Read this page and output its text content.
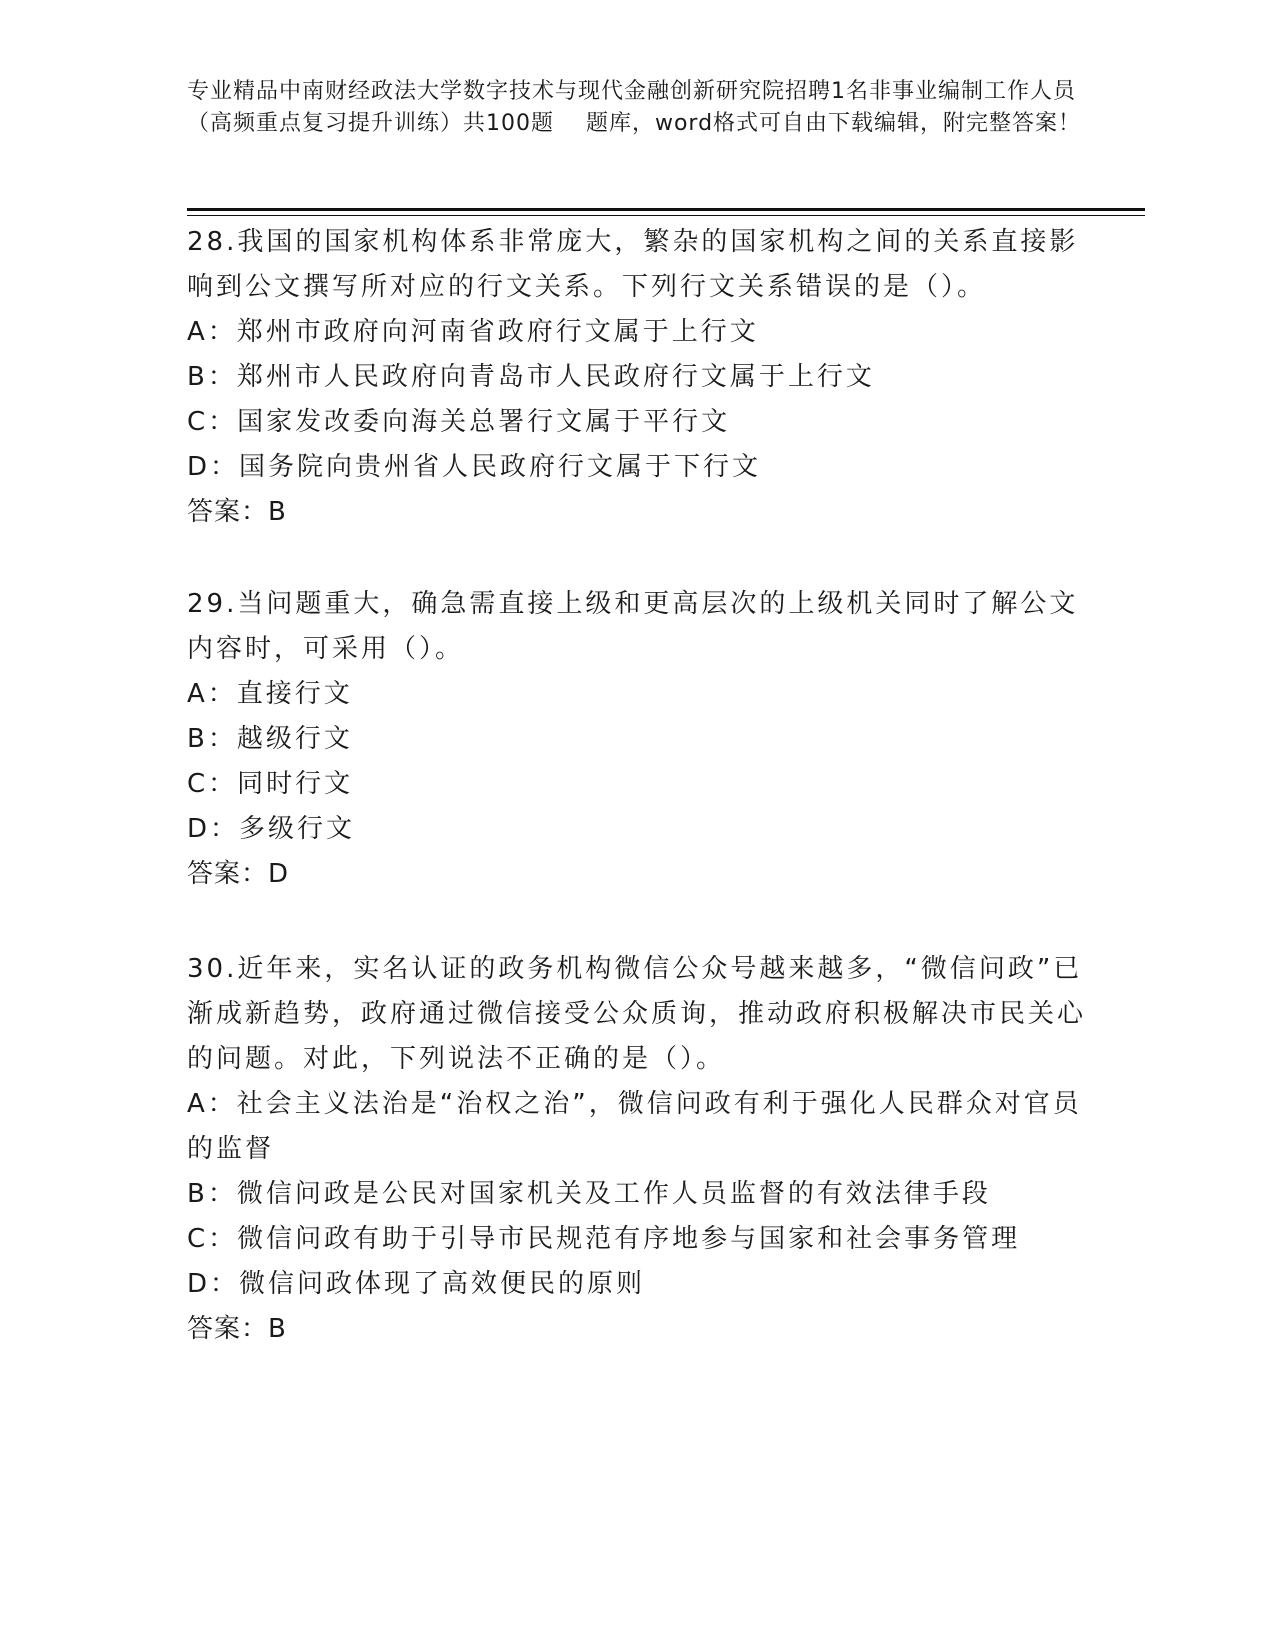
专业精品中南财经政法大学数字技术与现代金融创新研究院招聘1名非事业编制工作人员（高频重点复习提升训练）共100题    题库，word格式可自由下载编辑，附完整答案！

28.我国的国家机构体系非常庞大，繁杂的国家机构之间的关系直接影响到公文撰写所对应的行文关系。下列行文关系错误的是（）。

A：郑州市政府向河南省政府行文属于上行文
B：郑州市人民政府向青岛市人民政府行文属于上行文
C：国家发改委向海关总署行文属于平行文
D：国务院向贵州省人民政府行文属于下行文
答案：B

29.当问题重大，确急需直接上级和更高层次的上级机关同时了解公文内容时，可采用（）。

A：直接行文
B：越级行文
C：同时行文
D：多级行文
答案：D

30.近年来，实名认证的政务机构微信公众号越来越多，“微信问政”已渐成新趋势，政府通过微信接受公众质询，推动政府积极解决市民关心的问题。对此，下列说法不正确的是（）。

A：社会主义法治是“治权之治”，微信问政有利于强化人民群众对官员的监督
B：微信问政是公民对国家机关及工作人员监督的有效法律手段
C：微信问政有助于引导市民规范有序地参与国家和社会事务管理
D：微信问政体现了高效便民的原则
答案：B
